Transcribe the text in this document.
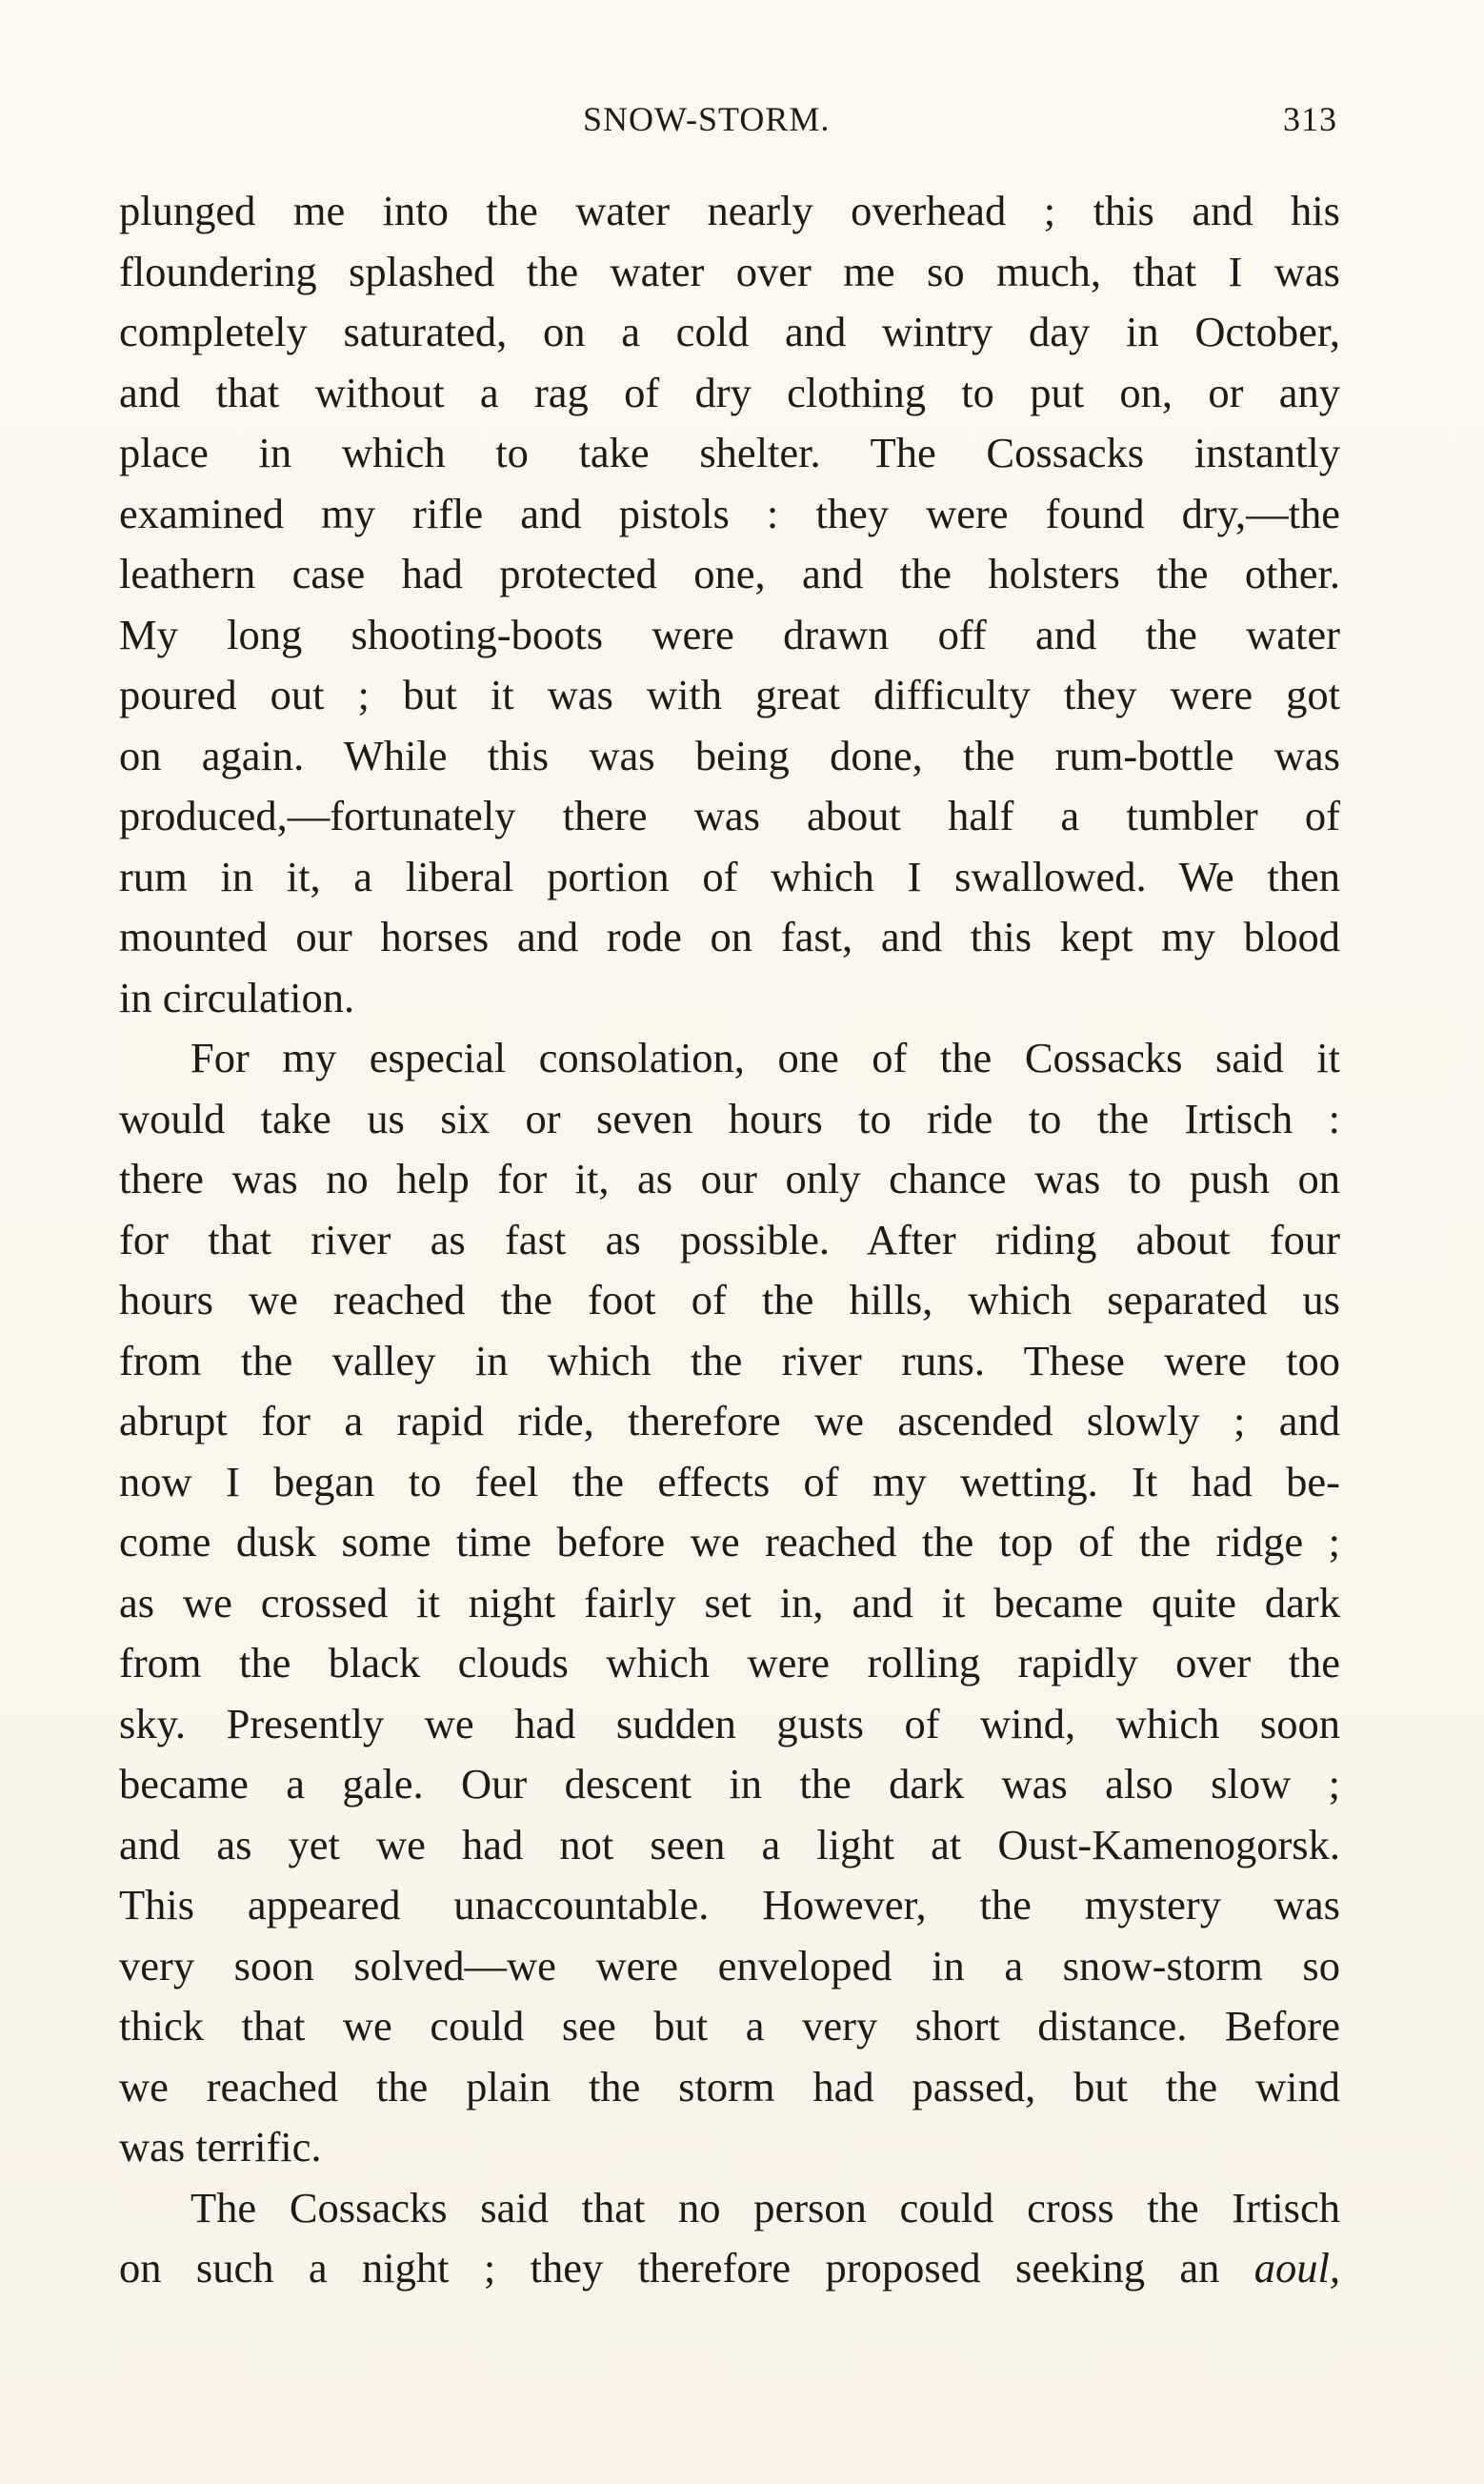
SNOW-STORM.	313
plunged me into the water nearly overhead ; this and his
floundering splashed the water over me so much, that I was
completely saturated, on a cold and wintry day in October,
and that without a rag of dry clothing to put on, or any
place in which to take shelter. The Cossacks instantly
examined my rifle and pistols : they were found dry,—the
leathern case had protected one, and the holsters the other.
My long shooting-boots were drawn off and the water
poured out ; but it was with great difficulty they were got
on again. While this was being done, the rum-bottle was
produced,—fortunately there was about half a tumbler of
rum in it, a liberal portion of which I swallowed. We then
mounted our horses and rode on fast, and this kept my blood
in circulation.
For my especial consolation, one of the Cossacks said it
would take us six or seven hours to ride to the Irtisch :
there was no help for it, as our only chance was to push on
for that river as fast as possible. After riding about four
hours we reached the foot of the hills, which separated us
from the valley in which the river runs. These were too
abrupt for a rapid ride, therefore we ascended slowly ; and
now I began to feel the effects of my wetting. It had be-
come dusk some time before we reached the top of the ridge ;
as we crossed it night fairly set in, and it became quite dark
from the black clouds which were rolling rapidly over the
sky. Presently we had sudden gusts of wind, which soon
became a gale. Our descent in the dark was also slow ;
and as yet we had not seen a light at Oust-Kamenogorsk.
This appeared unaccountable. However, the mystery was
very soon solved—we were enveloped in a snow-storm so
thick that we could see but a very short distance. Before
we reached the plain the storm had passed, but the wind
was terrific.
The Cossacks said that no person could cross the Irtisch
on such a night ; they therefore proposed seeking an aoul,
